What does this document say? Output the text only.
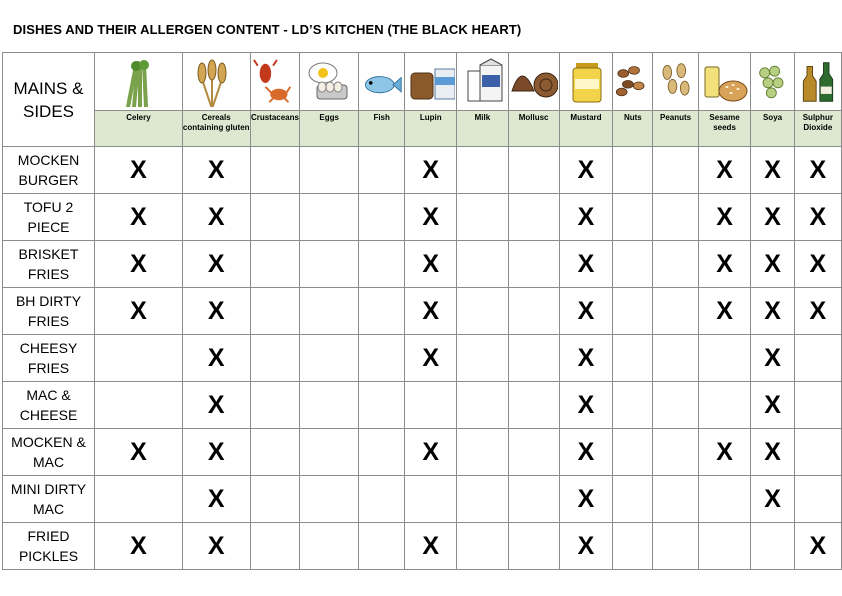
DISHES AND THEIR ALLERGEN CONTENT - LD’S KITCHEN (THE BLACK HEART)
MAINS &
SIDES

	Celery	Cereals containing gluten	Crustaceans	Eggs	Fish	Lupin	Milk	Mollusc	Mustard	Nuts	Peanuts	Sesame seeds	Soya	Sulphur Dioxide
MOCKEN BURGER	X	X				X			X			X	X	X
TOFU 2 PIECE	X	X				X			X			X	X	X
BRISKET FRIES	X	X				X			X			X	X	X
BH DIRTY FRIES	X	X				X			X			X	X	X
CHEESY FRIES		X				X			X				X	
MAC & CHEESE		X							X				X	
MOCKEN & MAC	X	X				X			X			X	X	
MINI DIRTY MAC		X							X				X	
FRIED PICKLES	X	X				X			X					X
